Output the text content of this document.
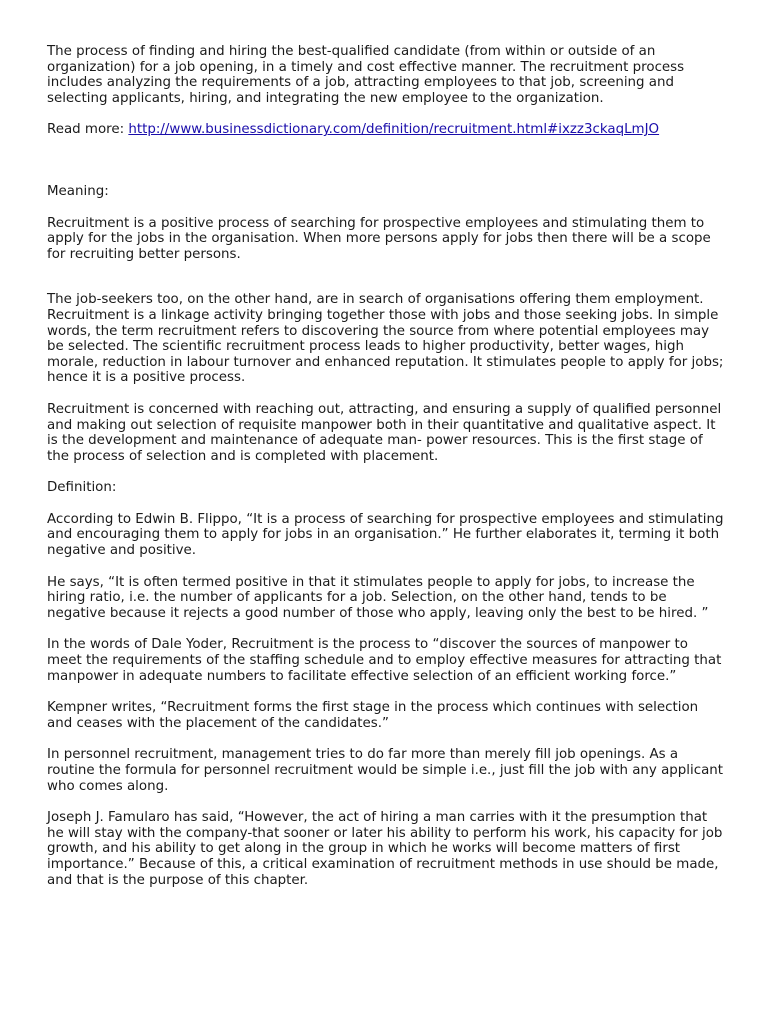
The process of finding and hiring the best-qualified candidate (from within or outside of an organization) for a job opening, in a timely and cost effective manner. The recruitment process includes analyzing the requirements of a job, attracting employees to that job, screening and selecting applicants, hiring, and integrating the new employee to the organization.

Read more: http://www.businessdictionary.com/definition/recruitment.html#ixzz3ckaqLmJO

Meaning:

Recruitment is a positive process of searching for prospective employees and stimulating them to apply for the jobs in the organisation. When more persons apply for jobs then there will be a scope for recruiting better persons.

The job-seekers too, on the other hand, are in search of organisations offering them employment. Recruitment is a linkage activity bringing together those with jobs and those seeking jobs. In simple words, the term recruitment refers to discovering the source from where potential employees may be selected. The scientific recruitment process leads to higher productivity, better wages, high morale, reduction in labour turnover and enhanced reputation. It stimulates people to apply for jobs; hence it is a positive process.

Recruitment is concerned with reaching out, attracting, and ensuring a supply of qualified personnel and making out selection of requisite manpower both in their quantitative and qualitative aspect. It is the development and maintenance of adequate man- power resources. This is the first stage of the process of selection and is completed with placement.

Definition:

According to Edwin B. Flippo, “It is a process of searching for prospective employees and stimulating and encouraging them to apply for jobs in an organisation.” He further elaborates it, terming it both negative and positive.

He says, “It is often termed positive in that it stimulates people to apply for jobs, to increase the hiring ratio, i.e. the number of applicants for a job. Selection, on the other hand, tends to be negative because it rejects a good number of those who apply, leaving only the best to be hired. ”

In the words of Dale Yoder, Recruitment is the process to “discover the sources of manpower to meet the requirements of the staffing schedule and to employ effective measures for attracting that manpower in adequate numbers to facilitate effective selection of an efficient working force.”

Kempner writes, “Recruitment forms the first stage in the process which continues with selection and ceases with the placement of the candidates.”

In personnel recruitment, management tries to do far more than merely fill job openings. As a routine the formula for personnel recruitment would be simple i.e., just fill the job with any applicant who comes along.

Joseph J. Famularo has said, “However, the act of hiring a man carries with it the presumption that he will stay with the company-that sooner or later his ability to perform his work, his capacity for job growth, and his ability to get along in the group in which he works will become matters of first importance.” Because of this, a critical examination of recruitment methods in use should be made, and that is the purpose of this chapter.
